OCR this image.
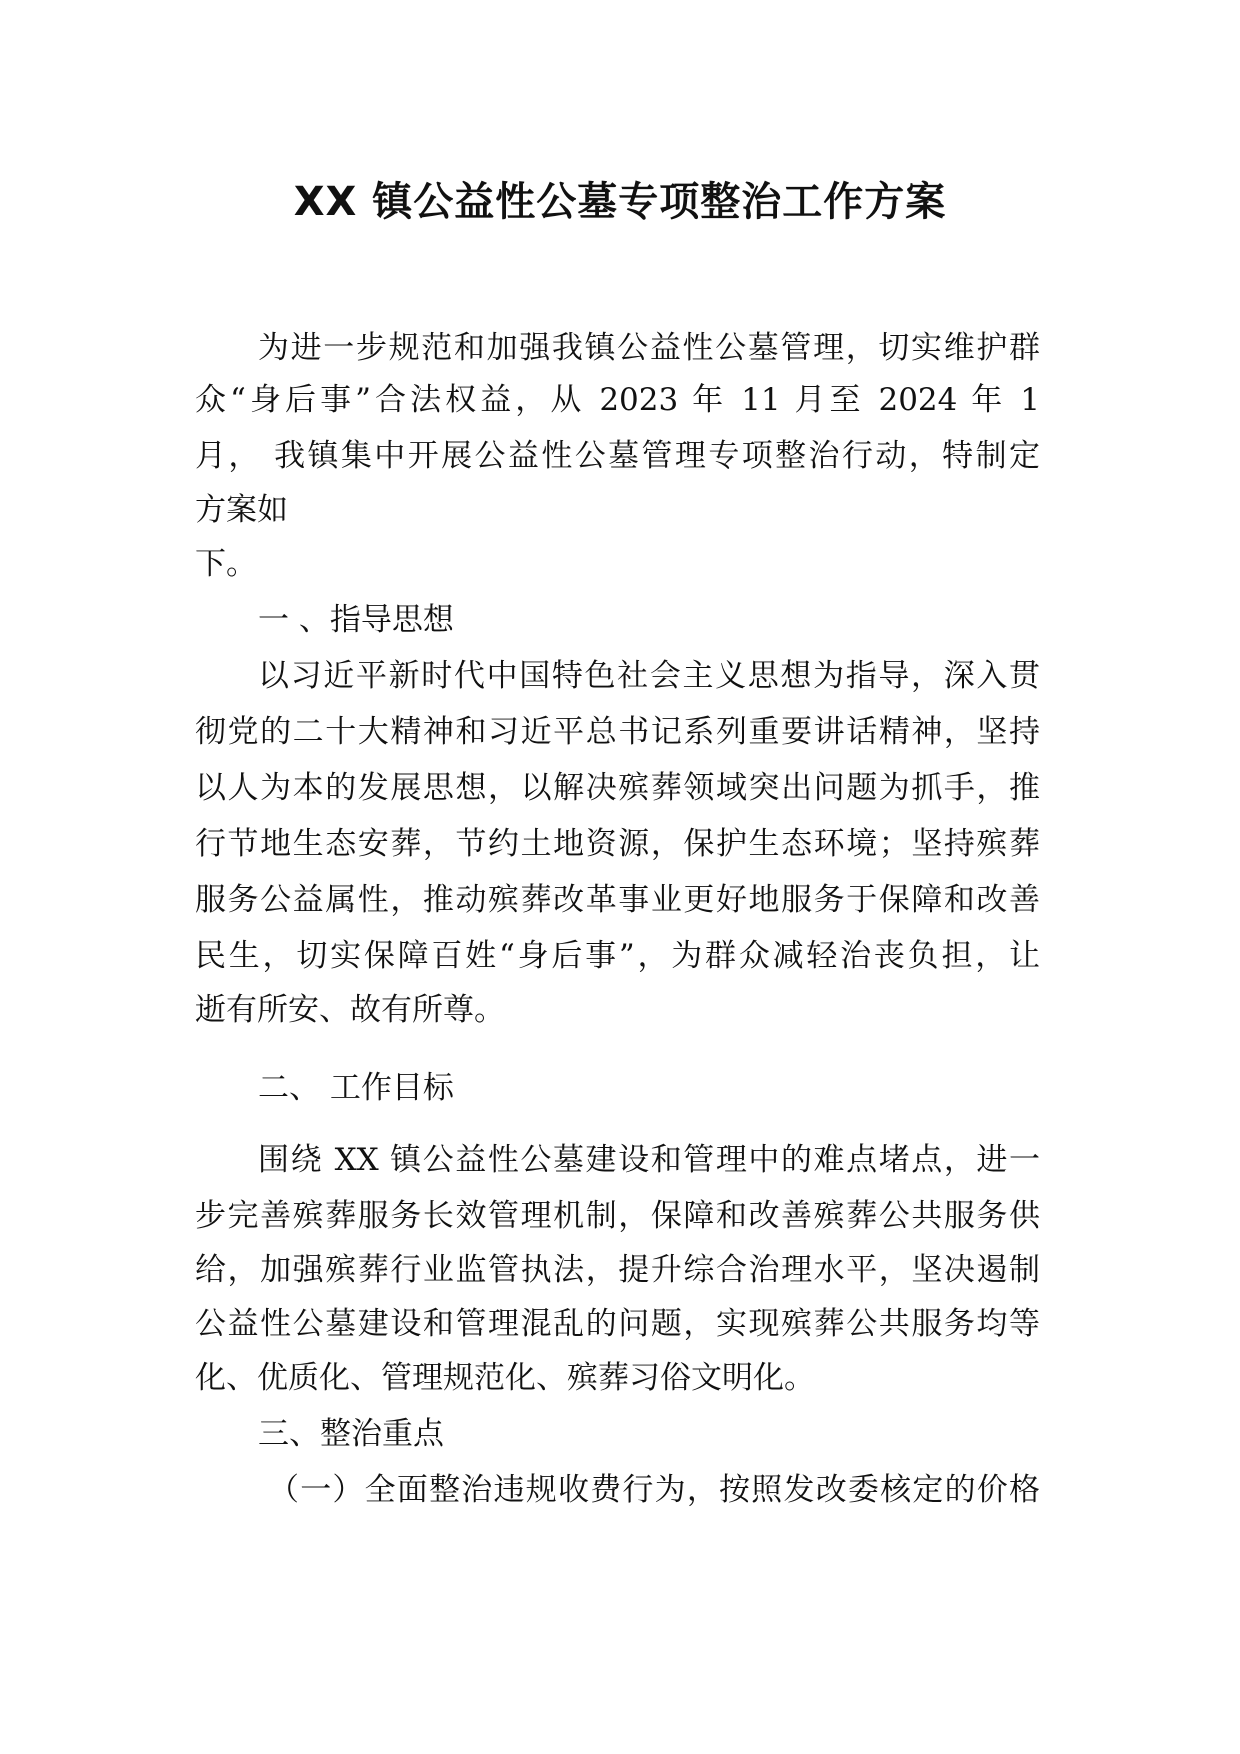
XX 镇公益性公墓专项整治工作方案

为进一步规范和加强我镇公益性公墓管理，切实维护群

众“身后事”合法权益，从 2023 年 11 月至 2024 年 1

月， 我镇集中开展公益性公墓管理专项整治行动，特制定

方案如

下。

一 、指导思想

以习近平新时代中国特色社会主义思想为指导，深入贯

彻党的二十大精神和习近平总书记系列重要讲话精神，坚持

以人为本的发展思想，以解决殡葬领域突出问题为抓手，推

行节地生态安葬，节约土地资源，保护生态环境；坚持殡葬

服务公益属性，推动殡葬改革事业更好地服务于保障和改善

民生，切实保障百姓“身后事”，为群众减轻治丧负担，让

逝有所安、故有所尊。

二、 工作目标

围绕 XX 镇公益性公墓建设和管理中的难点堵点，进一

步完善殡葬服务长效管理机制，保障和改善殡葬公共服务供

给，加强殡葬行业监管执法，提升综合治理水平，坚决遏制

公益性公墓建设和管理混乱的问题，实现殡葬公共服务均等

化、优质化、管理规范化、殡葬习俗文明化。

三、整治重点

（一）全面整治违规收费行为，按照发改委核定的价格
